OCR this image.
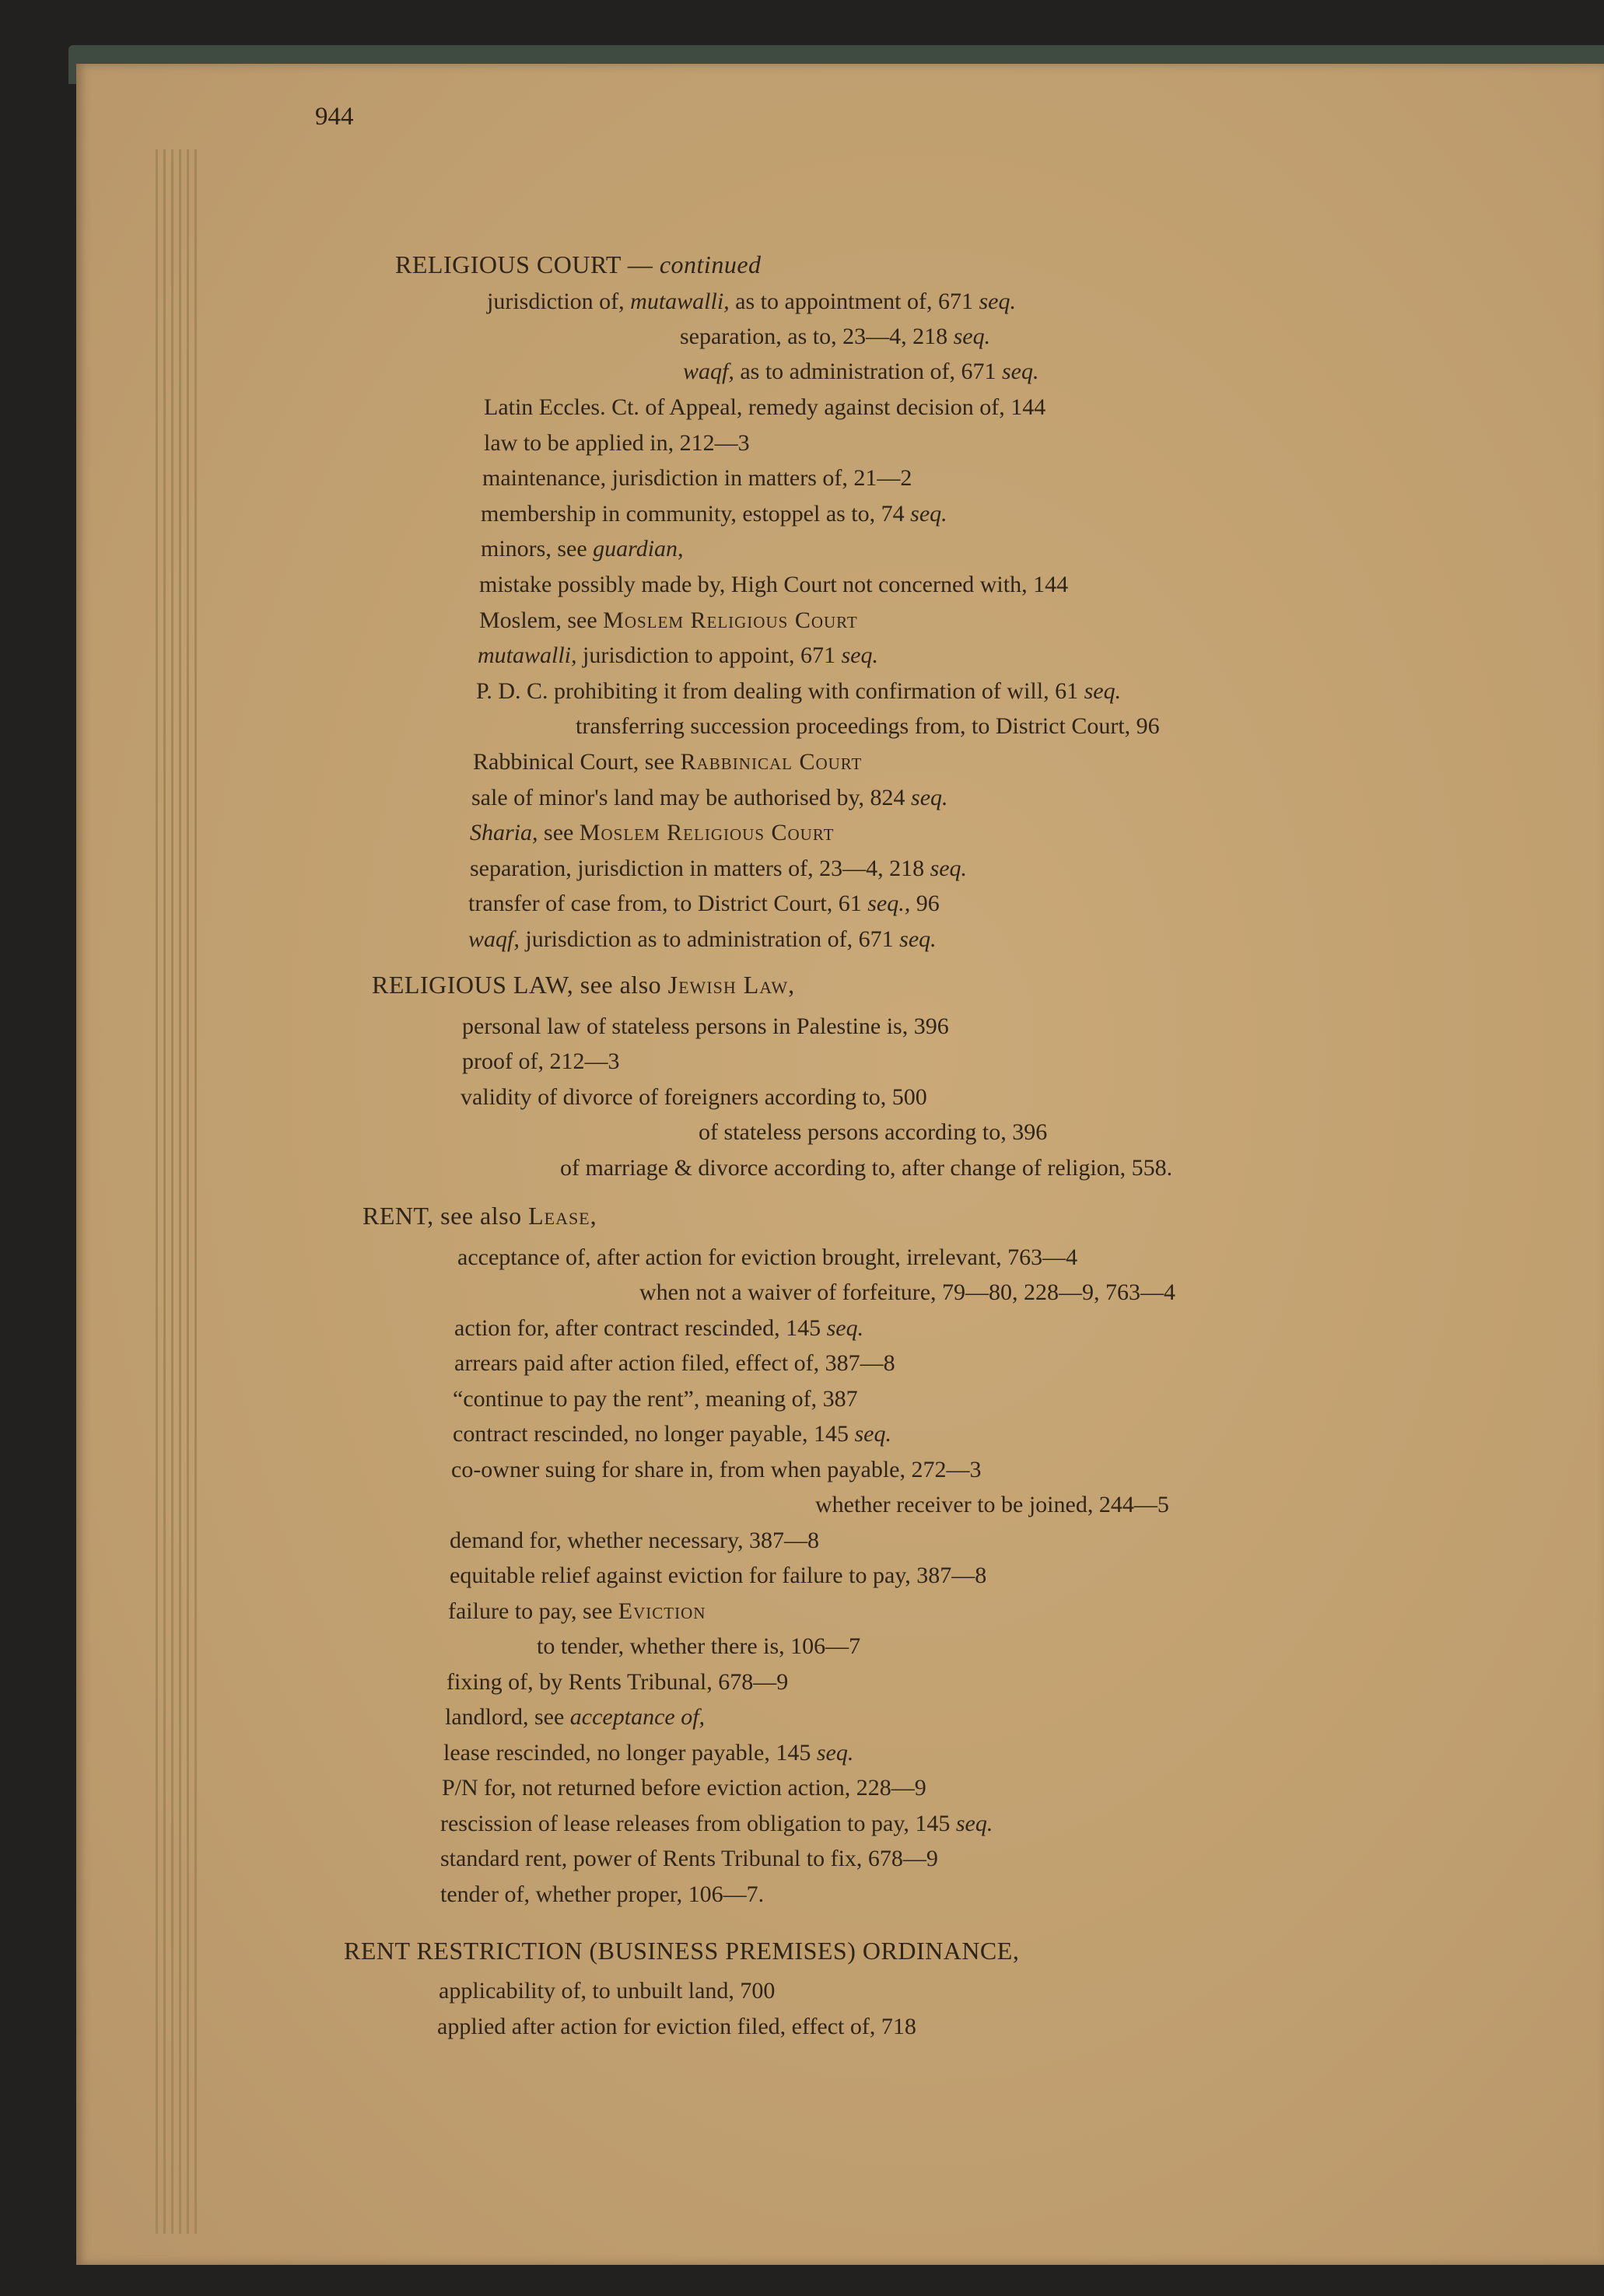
944
RELIGIOUS COURT — continued
jurisdiction of, mutawalli, as to appointment of, 671 seq.
separation, as to, 23—4, 218 seq.
waqf, as to administration of, 671 seq.
Latin Eccles. Ct. of Appeal, remedy against decision of, 144
law to be applied in, 212—3
maintenance, jurisdiction in matters of, 21—2
membership in community, estoppel as to, 74 seq.
minors, see guardian,
mistake possibly made by, High Court not concerned with, 144
Moslem, see Moslem Religious Court
mutawalli, jurisdiction to appoint, 671 seq.
P. D. C. prohibiting it from dealing with confirmation of will, 61 seq.
transferring succession proceedings from, to District Court, 96
Rabbinical Court, see Rabbinical Court
sale of minor's land may be authorised by, 824 seq.
Sharia, see Moslem Religious Court
separation, jurisdiction in matters of, 23—4, 218 seq.
transfer of case from, to District Court, 61 seq., 96
waqf, jurisdiction as to administration of, 671 seq.
RELIGIOUS LAW, see also Jewish Law,
personal law of stateless persons in Palestine is, 396
proof of, 212—3
validity of divorce of foreigners according to, 500
of stateless persons according to, 396
of marriage & divorce according to, after change of religion, 558.
RENT, see also Lease,
acceptance of, after action for eviction brought, irrelevant, 763—4
when not a waiver of forfeiture, 79—80, 228—9, 763—4
action for, after contract rescinded, 145 seq.
arrears paid after action filed, effect of, 387—8
“continue to pay the rent”, meaning of, 387
contract rescinded, no longer payable, 145 seq.
co-owner suing for share in, from when payable, 272—3
whether receiver to be joined, 244—5
demand for, whether necessary, 387—8
equitable relief against eviction for failure to pay, 387—8
failure to pay, see Eviction
to tender, whether there is, 106—7
fixing of, by Rents Tribunal, 678—9
landlord, see acceptance of,
lease rescinded, no longer payable, 145 seq.
P/N for, not returned before eviction action, 228—9
rescission of lease releases from obligation to pay, 145 seq.
standard rent, power of Rents Tribunal to fix, 678—9
tender of, whether proper, 106—7.
RENT RESTRICTION (BUSINESS PREMISES) ORDINANCE,
applicability of, to unbuilt land, 700
applied after action for eviction filed, effect of, 718
